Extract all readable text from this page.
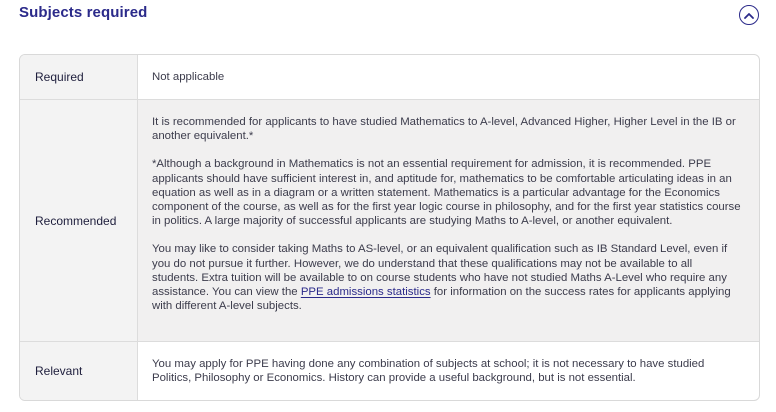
Subjects required
Required	Not applicable
Recommended

It is recommended for applicants to have studied Mathematics to A-level, Advanced Higher, Higher Level in the IB or another equivalent.*

*Although a background in Mathematics is not an essential requirement for admission, it is recommended. PPE applicants should have sufficient interest in, and aptitude for, mathematics to be comfortable articulating ideas in an equation as well as in a diagram or a written statement. Mathematics is a particular advantage for the Economics component of the course, as well as for the first year logic course in philosophy, and for the first year statistics course in politics. A large majority of successful applicants are studying Maths to A-level, or another equivalent.

You may like to consider taking Maths to AS-level, or an equivalent qualification such as IB Standard Level, even if you do not pursue it further. However, we do understand that these qualifications may not be available to all students. Extra tuition will be available to on course students who have not studied Maths A-Level who require any assistance. You can view the PPE admissions statistics for information on the success rates for applicants applying with different A-level subjects.

Relevant
You may apply for PPE having done any combination of subjects at school; it is not necessary to have studied Politics, Philosophy or Economics. History can provide a useful background, but is not essential.
